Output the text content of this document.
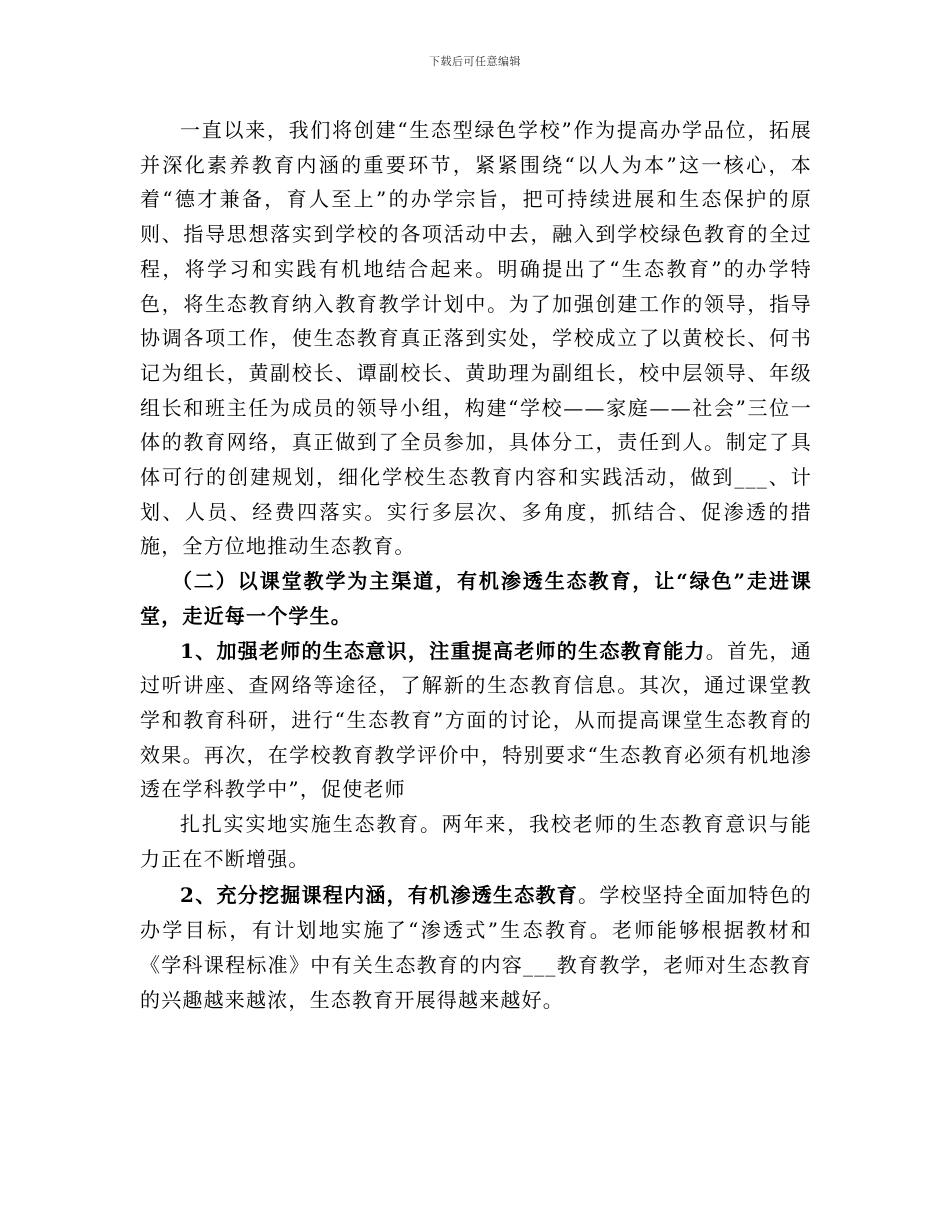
下载后可任意编辑

一直以来，我们将创建“生态型绿色学校”作为提高办学品位，拓展并深化素养教育内涵的重要环节，紧紧围绕“以人为本”这一核心，本着“德才兼备，育人至上”的办学宗旨，把可持续进展和生态保护的原则、指导思想落实到学校的各项活动中去，融入到学校绿色教育的全过程，将学习和实践有机地结合起来。明确提出了“生态教育”的办学特色，将生态教育纳入教育教学计划中。为了加强创建工作的领导，指导协调各项工作，使生态教育真正落到实处，学校成立了以黄校长、何书记为组长，黄副校长、谭副校长、黄助理为副组长，校中层领导、年级组长和班主任为成员的领导小组，构建“学校——家庭——社会”三位一体的教育网络，真正做到了全员参加，具体分工，责任到人。制定了具体可行的创建规划，细化学校生态教育内容和实践活动，做到___、计划、人员、经费四落实。实行多层次、多角度，抓结合、促渗透的措施，全方位地推动生态教育。

（二）以课堂教学为主渠道，有机渗透生态教育，让“绿色”走进课堂，走近每一个学生。

1、加强老师的生态意识，注重提高老师的生态教育能力。首先，通过听讲座、查网络等途径，了解新的生态教育信息。其次，通过课堂教学和教育科研，进行“生态教育”方面的讨论，从而提高课堂生态教育的效果。再次，在学校教育教学评价中，特别要求“生态教育必须有机地渗透在学科教学中”，促使老师

扎扎实实地实施生态教育。两年来，我校老师的生态教育意识与能力正在不断增强。

2、充分挖掘课程内涵，有机渗透生态教育。学校坚持全面加特色的办学目标，有计划地实施了“渗透式”生态教育。老师能够根据教材和《学科课程标准》中有关生态教育的内容___教育教学，老师对生态教育的兴趣越来越浓，生态教育开展得越来越好。
